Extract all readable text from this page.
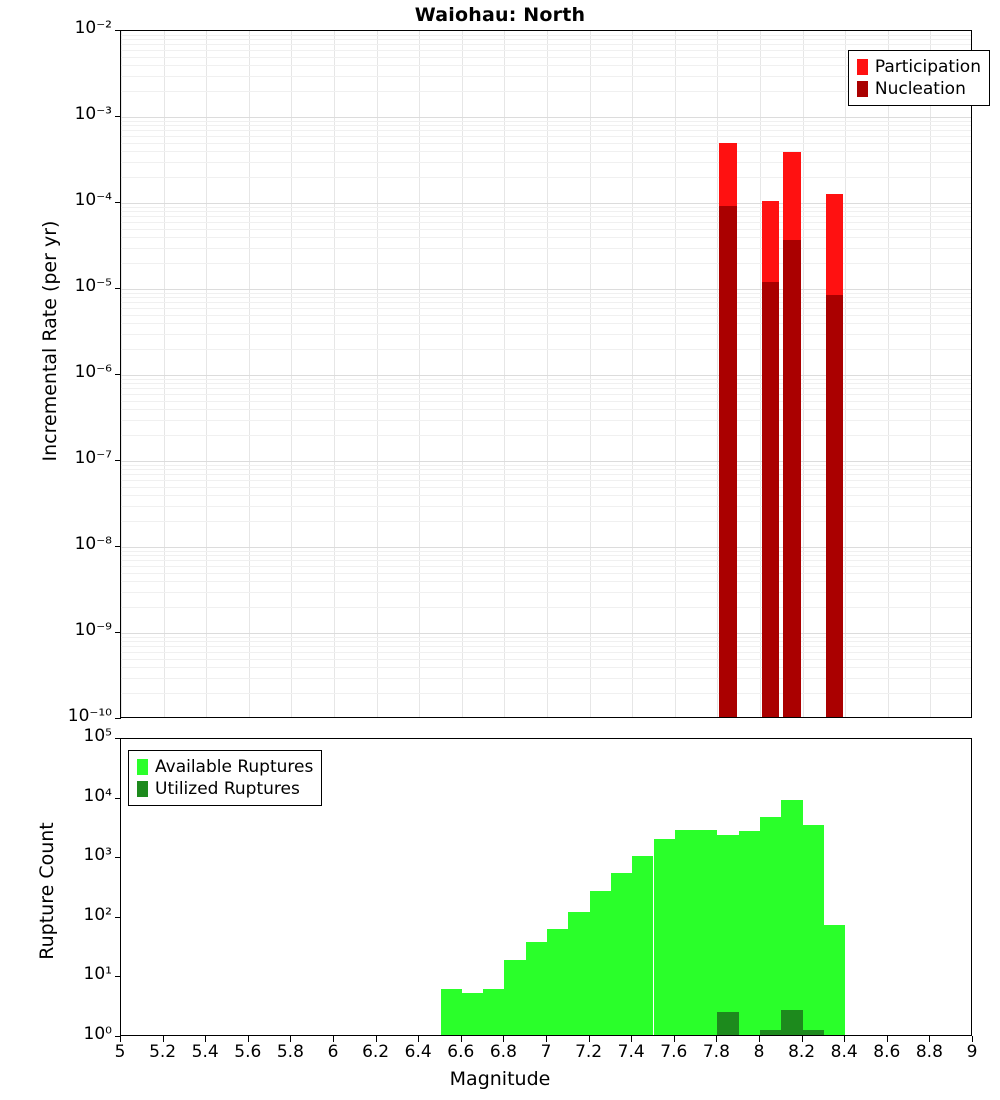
Waiohau: North
Incremental Rate (per yr)
Rupture Count
Magnitude
10⁻²
10⁻³
10⁻⁴
10⁻⁵
10⁻⁶
10⁻⁷
10⁻⁸
10⁻⁹
10⁻¹⁰
Participation
Nucleation
10⁵
10⁴
10³
10²
10¹
10⁰
5	5.2 5.4 5.6 5.8	6	6.2 6.4 6.6 6.8	7	7.2 7.4 7.6 7.8	8	8.2 8.4 8.6 8.8	9
Available Ruptures
Utilized Ruptures
